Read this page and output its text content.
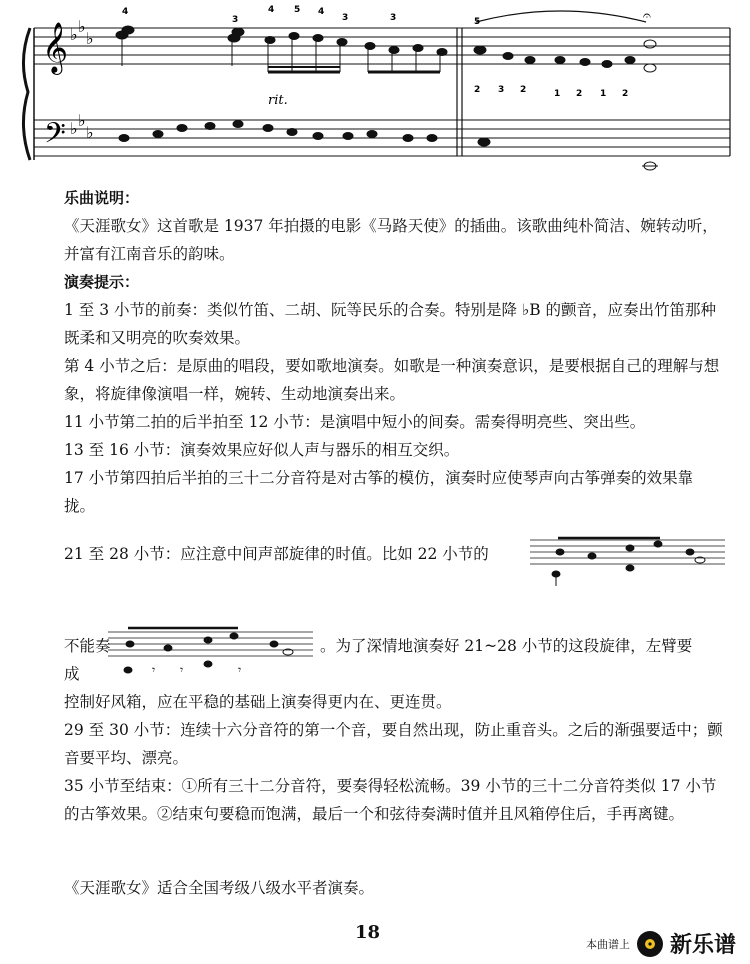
𝄞
𝄢
♭ ♭
♭
♭ ♭
♭
𝄐
rit.
4
3
4 5 4
3	3	5
2 3 2	1 2 1 2
乐曲说明：
《天涯歌女》这首歌是 1937 年拍摄的电影《马路天使》的插曲。该歌曲纯朴简洁、婉转动听，并富有江南音乐的韵味。
演奏提示：
1 至 3 小节的前奏：类似竹笛、二胡、阮等民乐的合奏。特别是降 ♭B 的颤音，应奏出竹笛那种既柔和又明亮的吹奏效果。
第 4 小节之后：是原曲的唱段，要如歌地演奏。如歌是一种演奏意识，是要根据自己的理解与想象，将旋律像演唱一样，婉转、生动地演奏出来。
11 小节第二拍的后半拍至 12 小节：是演唱中短小的间奏。需奏得明亮些、突出些。
13 至 16 小节：演奏效果应好似人声与器乐的相互交织。
17 小节第四拍后半拍的三十二分音符是对古筝的模仿，演奏时应使琴声向古筝弹奏的效果靠拢。
21 至 28 小节：应注意中间声部旋律的时值。比如 22 小节的
不能奏成	𝄾 𝄾	𝄾
。为了深情地演奏好 21~28 小节的这段旋律，左臂要
控制好风箱，应在平稳的基础上演奏得更内在、更连贯。
29 至 30 小节：连续十六分音符的第一个音，要自然出现，防止重音头。之后的渐强要适中；颤音要平均、漂亮。
35 小节至结束：①所有三十二分音符，要奏得轻松流畅。39 小节的三十二分音符类似 17 小节的古筝效果。②结束句要稳而饱满，最后一个和弦待奏满时值并且风箱停住后，手再离键。
《天涯歌女》适合全国考级八级水平者演奏。
18
本曲谱上 新乐谱
